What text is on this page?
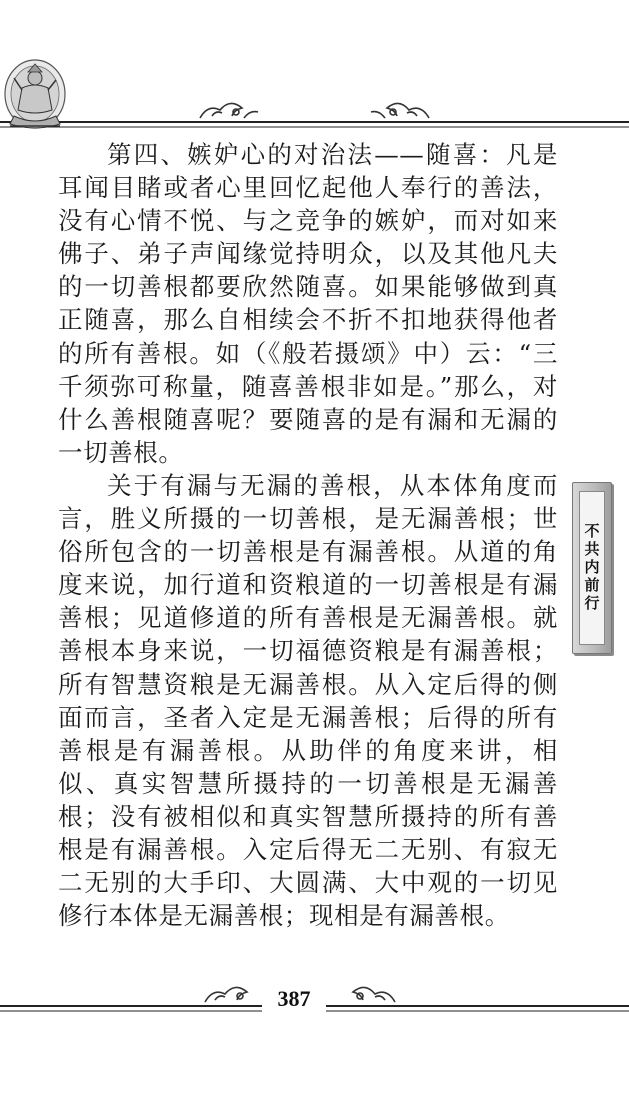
第四、嫉妒心的对治法——随喜：凡是耳闻目睹或者心里回忆起他人奉行的善法，没有心情不悦、与之竞争的嫉妒，而对如来佛子、弟子声闻缘觉持明众，以及其他凡夫的一切善根都要欣然随喜。如果能够做到真正随喜，那么自相续会不折不扣地获得他者的所有善根。如（《般若摄颂》中）云：“三千须弥可称量，随喜善根非如是。”那么，对什么善根随喜呢？要随喜的是有漏和无漏的一切善根。

关于有漏与无漏的善根，从本体角度而言，胜义所摄的一切善根，是无漏善根；世俗所包含的一切善根是有漏善根。从道的角度来说，加行道和资粮道的一切善根是有漏善根；见道修道的所有善根是无漏善根。就善根本身来说，一切福德资粮是有漏善根；所有智慧资粮是无漏善根。从入定后得的侧面而言，圣者入定是无漏善根；后得的所有善根是有漏善根。从助伴的角度来讲，相似、真实智慧所摄持的一切善根是无漏善根；没有被相似和真实智慧所摄持的所有善根是有漏善根。入定后得无二无别、有寂无二无别的大手印、大圆满、大中观的一切见修行本体是无漏善根；现相是有漏善根。

不共内前行
387
